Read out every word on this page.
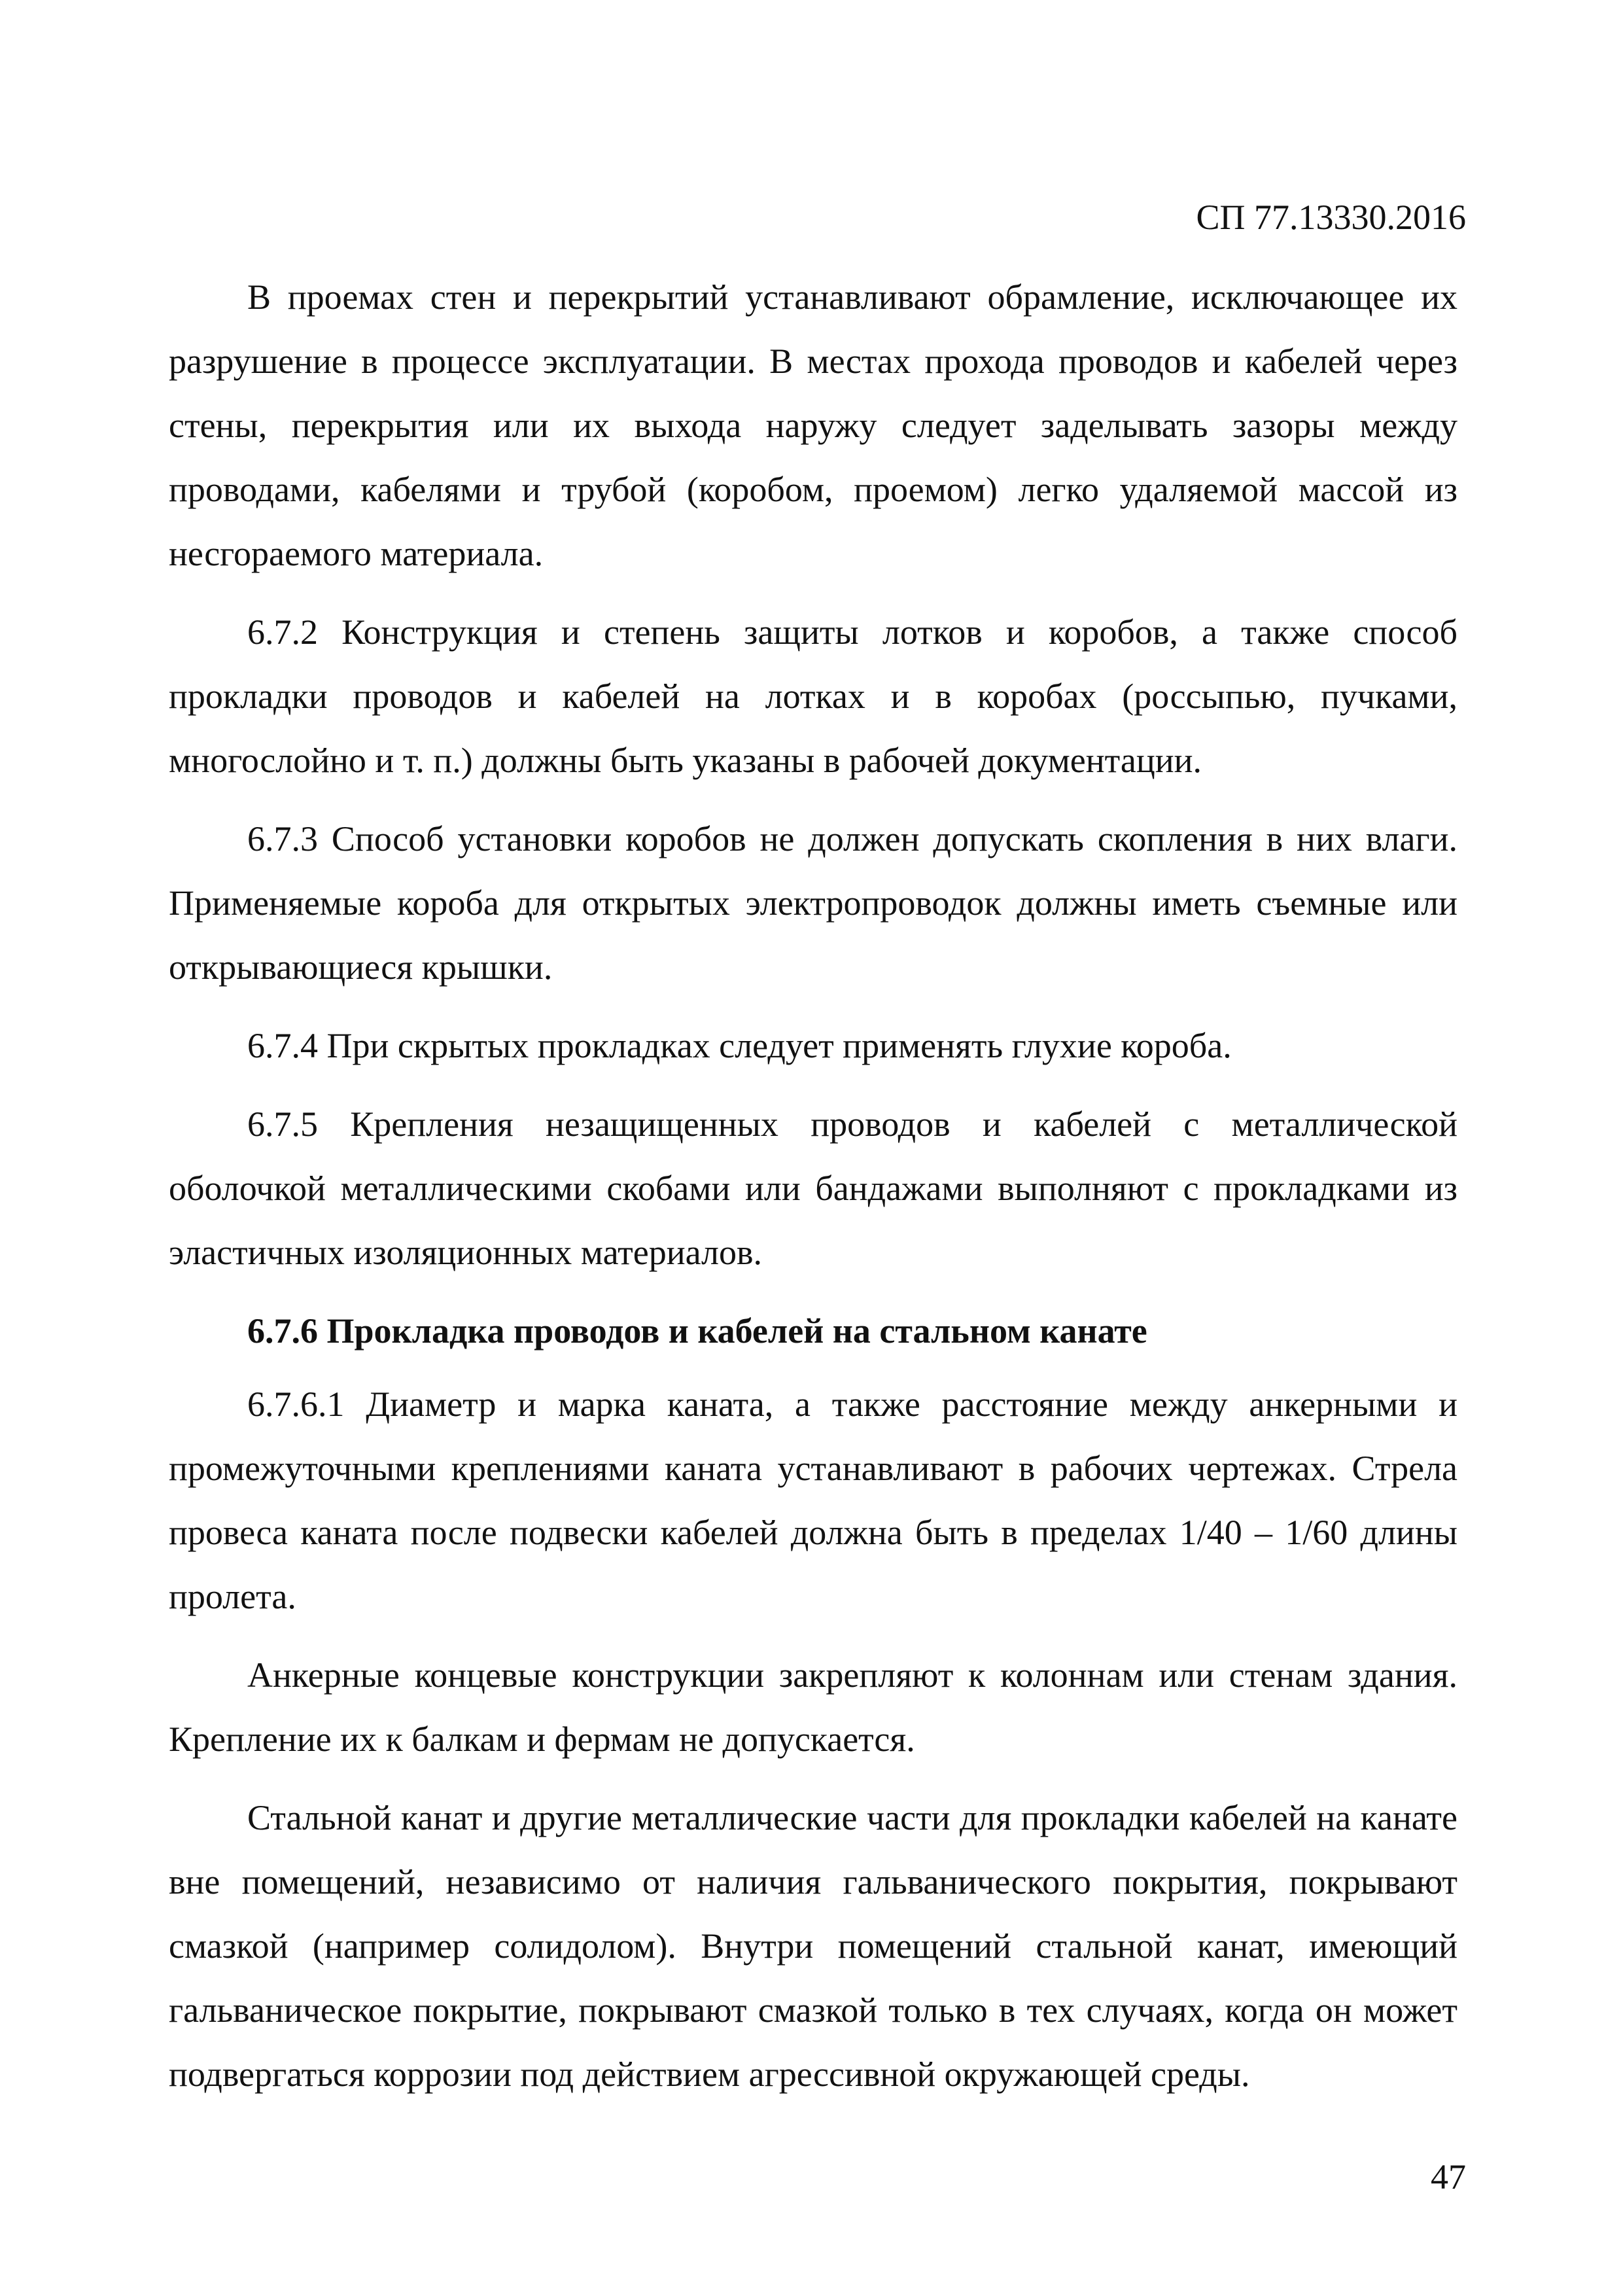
СП 77.13330.2016

В проемах стен и перекрытий устанавливают обрамление, исключающее их разрушение в процессе эксплуатации. В местах прохода проводов и кабелей через стены, перекрытия или их выхода наружу следует заделывать зазоры между проводами, кабелями и трубой (коробом, проемом) легко удаляемой массой из несгораемого материала.

6.7.2 Конструкция и степень защиты лотков и коробов, а также способ прокладки проводов и кабелей на лотках и в коробах (россыпью, пучками, многослойно и т. п.) должны быть указаны в рабочей документации.

6.7.3 Способ установки коробов не должен допускать скопления в них влаги. Применяемые короба для открытых электропроводок должны иметь съемные или открывающиеся крышки.

6.7.4 При скрытых прокладках следует применять глухие короба.

6.7.5 Крепления незащищенных проводов и кабелей с металлической оболочкой металлическими скобами или бандажами выполняют с прокладками из эластичных изоляционных материалов.

6.7.6 Прокладка проводов и кабелей на стальном канате

6.7.6.1 Диаметр и марка каната, а также расстояние между анкерными и промежуточными креплениями каната устанавливают в рабочих чертежах. Стрела провеса каната после подвески кабелей должна быть в пределах 1/40 – 1/60 длины пролета.

Анкерные концевые конструкции закрепляют к колоннам или стенам здания. Крепление их к балкам и фермам не допускается.

Стальной канат и другие металлические части для прокладки кабелей на канате вне помещений, независимо от наличия гальванического покрытия, покрывают смазкой (например солидолом). Внутри помещений стальной канат, имеющий гальваническое покрытие, покрывают смазкой только в тех случаях, когда он может подвергаться коррозии под действием агрессивной окружающей среды.

47
